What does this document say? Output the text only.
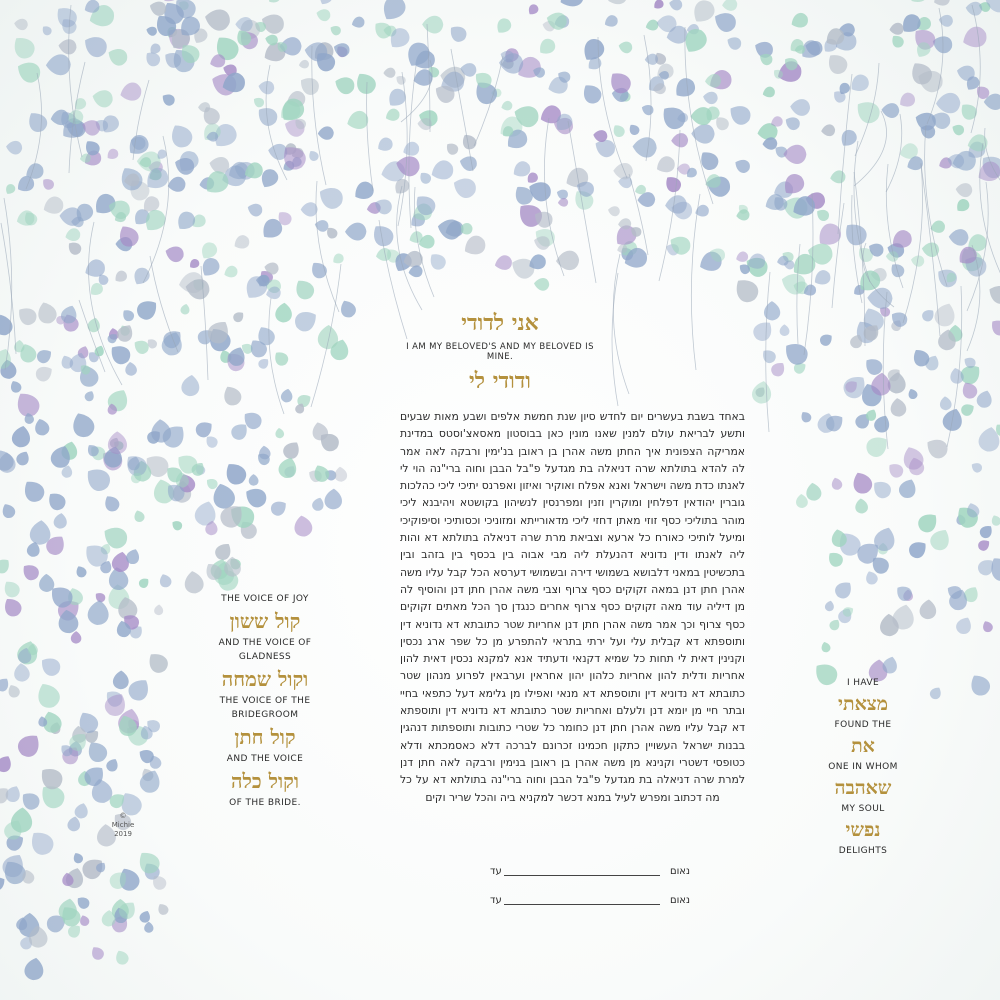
אני לדודי
I AM MY BELOVED'S AND MY BELOVED IS MINE.
ודודי לי
באחד בשבת בעשרים יום לחדש סיון שנת חמשת אלפים ושבע מאות שבעים ותשע לבריאת עולם למנין שאנו מונין כאן בבוסטון מאסאצ'וסטס במדינת אמריקה הצפונית איך החתן משה אהרן בן ראובן בנ'ימין ורבקה לאה אמר לה להדא בתולתא שרה דניאלה בת מגדעל פ"בל הבבן וחוה ברי"נה הוי לי לאנתו כדת משה וישראל ואנא אפלח ואוקיר ואיזון ואפרנס יתיכי ליכי כהלכות גוברין יהודאין דפלחין ומוקרין וזנין ומפרנסין לנשיהון בקושטא ויהיבנא ליכי מוהר בתוליכי כסף זוזי מאתן דחזי ליכי מדאורייתא ומזוניכי וכסותיכי וסיפוקיכי ומיעל לותיכי כאורח כל ארעא וצביאת מרת שרה דניאלה בתולתא דא והות ליה לאנתו ודין נדוניא דהנעלת ליה מבי אבוה בין בכסף בין בזהב ובין בתכשיטין במאני דלבושא בשמושי דירה ובשמושי דערסא הכל קבל עליו משה אהרן חתן דנן במאה זקוקים כסף צרוף וצבי משה אהרן חתן דנן והוסיף לה מן דיליה עוד מאה זקוקים כסף צרוף אחרים כנגדן סך הכל מאתים זקוקים כסף צרוף וכך אמר משה אהרן חתן דנן אחריות שטר כתובתא דא נדוניא דין ותוספתא דא קבלית עלי ועל ירתי בתראי להתפרע מן כל שפר ארג נכסין וקנינין דאית לי תחות כל שמיא דקנאי ודעתיד אנא למקנא נכסין דאית להון אחריות ודלית להון אחריות כלהון יהון אחראין וערבאין לפרוע מנהון שטר כתובתא דא נדוניא דין ותוספתא דא מנאי ואפילו מן גלימא דעל כתפאי בחיי ובתר חיי מן יומא דנן ולעלם ואחריות שטר כתובתא דא נדוניא דין ותוספתא דא קבל עליו משה אהרן חתן דנן כחומר כל שטרי כתובות ותוספתות דנהגין בבנות ישראל העשויין כתקון חכמינו זכרונם לברכה דלא כאסמכתא ודלא כטופסי דשטרי וקנינא מן משה אהרן בן ראובן בנימין ורבקה לאה חתן דנן למרת שרה דניאלה בת מגדעל פ"בל הבבן וחוה ברי"נה בתולתא דא על כל מה דכתוב ומפרש לעיל במנא דכשר למקניא ביה והכל שריר וקים
עד	נאום
עד	נאום
THE VOICE OF JOY
קול ששון
AND THE VOICE OF GLADNESS
וקול שמחה
THE VOICE OF THE BRIDEGROOM
קול חתן
AND THE VOICE
וקול כלה
OF THE BRIDE.
I HAVE
מצאתי
FOUND THE
את
ONE IN WHOM
שאהבה
MY SOUL
נפשי
DELIGHTS
©
Michie
2019
